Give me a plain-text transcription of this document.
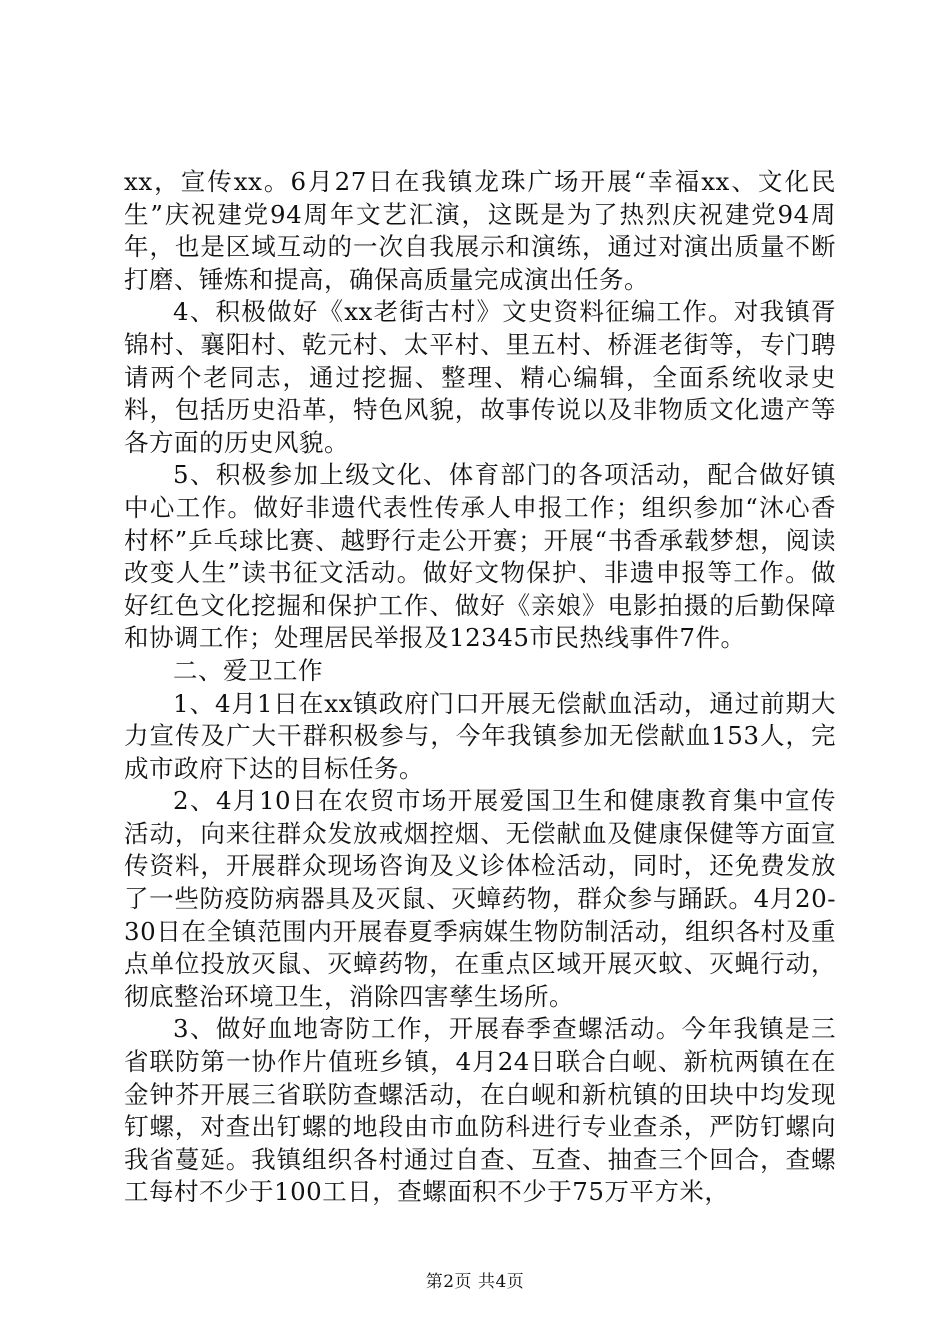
xx，宣传xx。6月27日在我镇龙珠广场开展“幸福xx、文化民生”庆祝建党94周年文艺汇演，这既是为了热烈庆祝建党94周年，也是区域互动的一次自我展示和演练，通过对演出质量不断打磨、锤炼和提高，确保高质量完成演出任务。

4、积极做好《xx老街古村》文史资料征编工作。对我镇胥锦村、襄阳村、乾元村、太平村、里五村、桥涯老街等，专门聘请两个老同志，通过挖掘、整理、精心编辑，全面系统收录史料，包括历史沿革，特色风貌，故事传说以及非物质文化遗产等各方面的历史风貌。

5、积极参加上级文化、体育部门的各项活动，配合做好镇中心工作。做好非遗代表性传承人申报工作；组织参加“沐心香村杯”乒乓球比赛、越野行走公开赛；开展“书香承载梦想，阅读改变人生”读书征文活动。做好文物保护、非遗申报等工作。做好红色文化挖掘和保护工作、做好《亲娘》电影拍摄的后勤保障和协调工作；处理居民举报及12345市民热线事件7件。

二、爱卫工作

1、4月1日在xx镇政府门口开展无偿献血活动，通过前期大力宣传及广大干群积极参与，今年我镇参加无偿献血153人，完成市政府下达的目标任务。

2、4月10日在农贸市场开展爱国卫生和健康教育集中宣传活动，向来往群众发放戒烟控烟、无偿献血及健康保健等方面宣传资料，开展群众现场咨询及义诊体检活动，同时，还免费发放了一些防疫防病器具及灭鼠、灭蟑药物，群众参与踊跃。4月20-30日在全镇范围内开展春夏季病媒生物防制活动，组织各村及重点单位投放灭鼠、灭蟑药物，在重点区域开展灭蚊、灭蝇行动，彻底整治环境卫生，消除四害孳生场所。

3、做好血地寄防工作，开展春季查螺活动。今年我镇是三省联防第一协作片值班乡镇，4月24日联合白岘、新杭两镇在在金钟芥开展三省联防查螺活动，在白岘和新杭镇的田块中均发现钉螺，对查出钉螺的地段由市血防科进行专业查杀，严防钉螺向我省蔓延。我镇组织各村通过自查、互查、抽查三个回合，查螺工每村不少于100工日，查螺面积不少于75万平方米，

第2页 共4页
